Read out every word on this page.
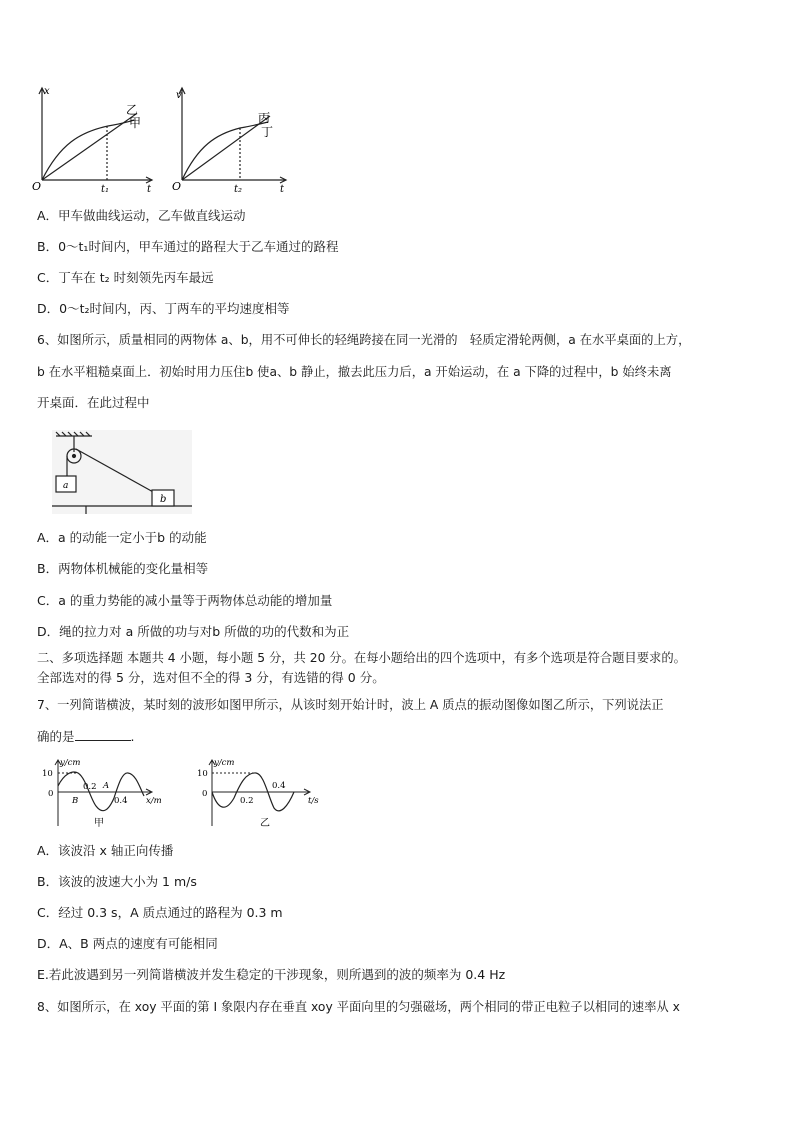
x
O	t₁	t
乙
甲
v
O	t₂	t
丙
丁
A．甲车做曲线运动，乙车做直线运动
B．0～t₁时间内，甲车通过的路程大于乙车通过的路程
C．丁车在 t₂ 时刻领先丙车最远
D．0～t₂时间内，丙、丁两车的平均速度相等
6、如图所示，质量相同的两物体 a、b，用不可伸长的轻绳跨接在同一光滑的　轻质定滑轮两侧，a 在水平桌面的上方，
b 在水平粗糙桌面上．初始时用力压住b 使a、b 静止，撤去此压力后，a 开始运动，在 a 下降的过程中，b 始终未离
开桌面．在此过程中
a
b
A．a 的动能一定小于b 的动能
B．两物体机械能的变化量相等
C．a 的重力势能的减小量等于两物体总动能的增加量
D．绳的拉力对 a 所做的功与对b 所做的功的代数和为正
二、多项选择题 本题共 4 小题，每小题 5 分，共 20 分。在每小题给出的四个选项中，有多个选项是符合题目要求的。
全部选对的得 5 分，选对但不全的得 3 分，有选错的得 0 分。
7、一列简谐横波，某时刻的波形如图甲所示，从该时刻开始计时，波上 A 质点的振动图像如图乙所示，下列说法正
确的是	.
y/cm
10
0
B
A
0.2
0.4 x/m
甲
y/cm
10
0
0.2
0.4
t/s
乙
A．该波沿 x 轴正向传播
B．该波的波速大小为 1 m/s
C．经过 0.3 s，A 质点通过的路程为 0.3 m
D．A、B 两点的速度有可能相同
E.若此波遇到另一列简谐横波并发生稳定的干涉现象，则所遇到的波的频率为 0.4 Hz
8、如图所示，在 xoy 平面的第 I 象限内存在垂直 xoy 平面向里的匀强磁场，两个相同的带正电粒子以相同的速率从 x
